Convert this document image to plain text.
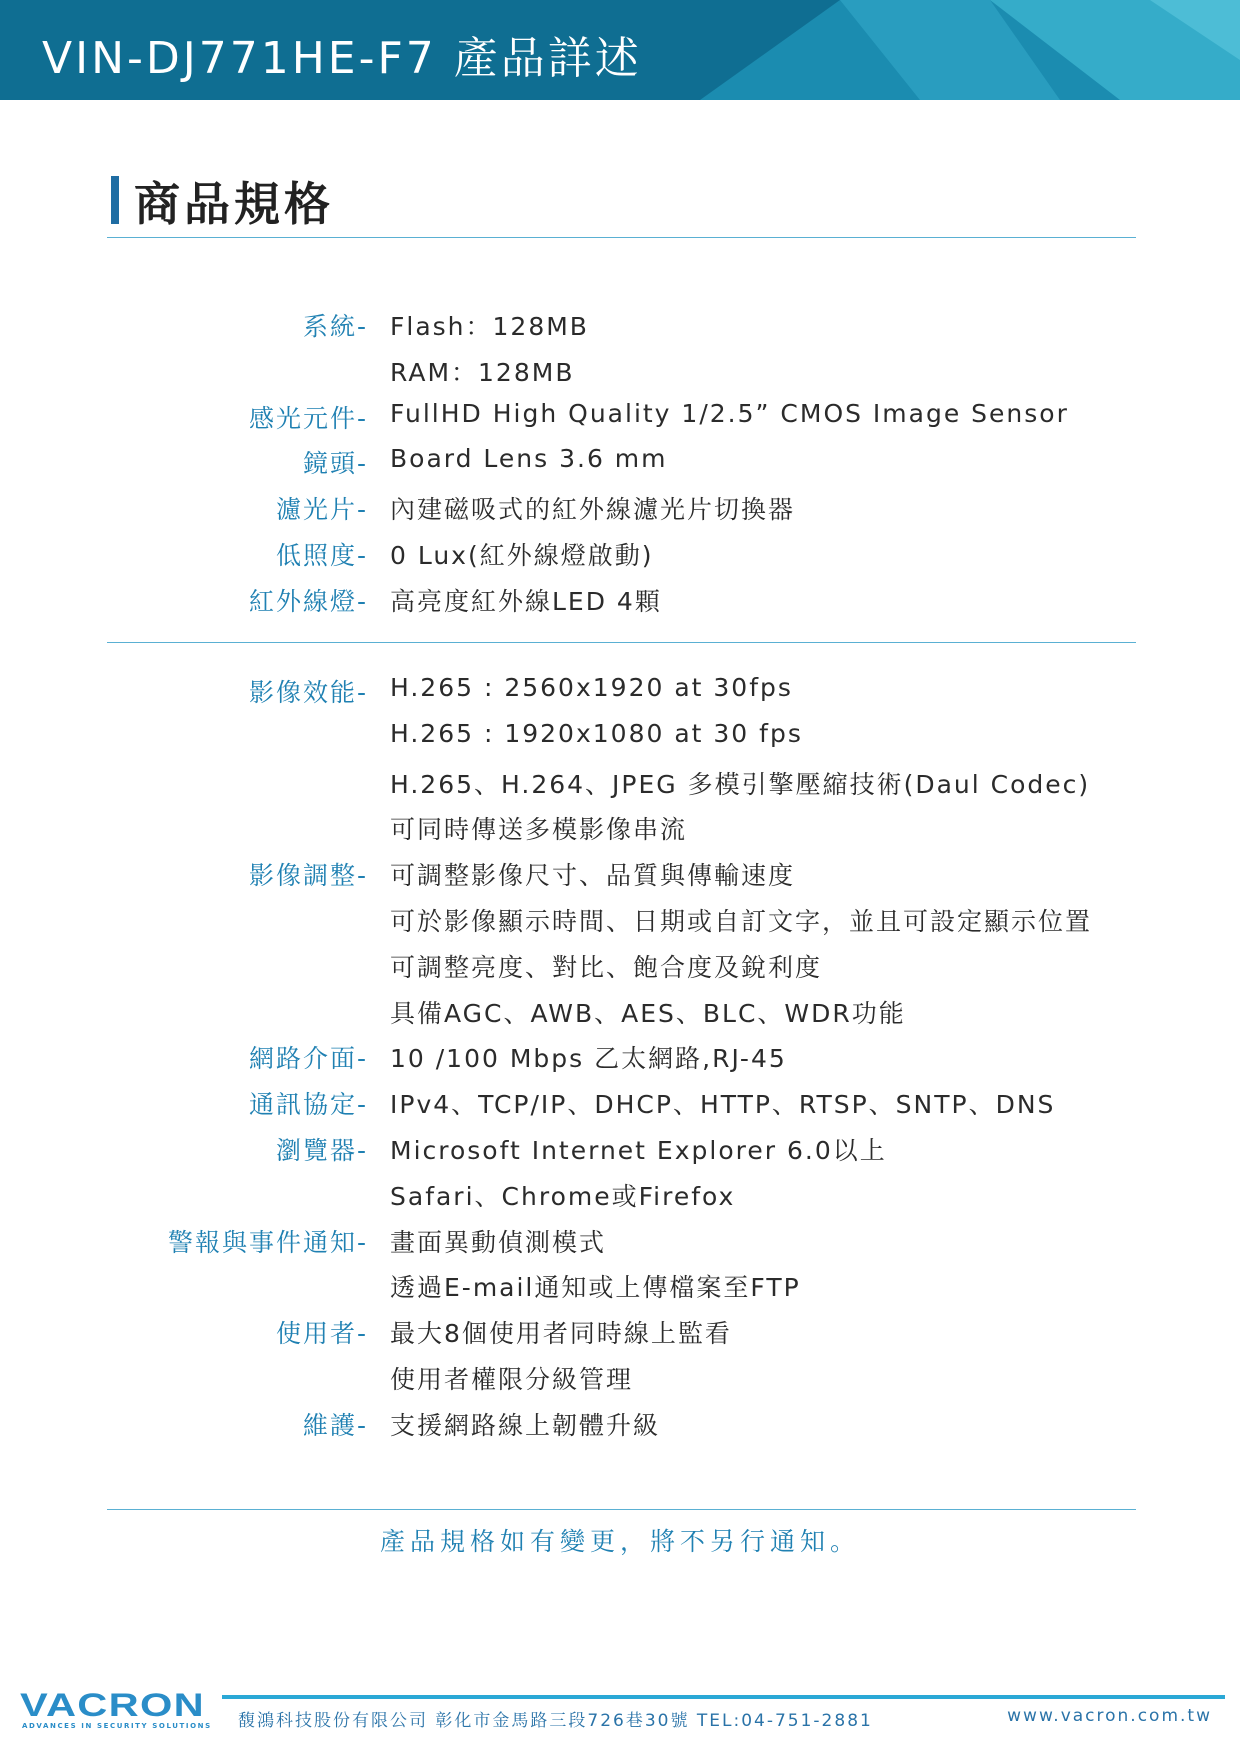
VIN-DJ771HE-F7 產品詳述
商品規格
系統- Flash：128MB
RAM：128MB
感光元件- FullHD High Quality 1/2.5” CMOS Image Sensor
鏡頭- Board Lens 3.6 mm
濾光片- 內建磁吸式的紅外線濾光片切換器
低照度- 0 Lux(紅外線燈啟動)
紅外線燈- 高亮度紅外線LED 4顆
影像效能- H.265 : 2560x1920 at 30fps
H.265 : 1920x1080 at 30 fps
H.265、H.264、JPEG 多模引擎壓縮技術(Daul Codec)
可同時傳送多模影像串流
影像調整- 可調整影像尺寸、品質與傳輸速度
可於影像顯示時間、日期或自訂文字，並且可設定顯示位置
可調整亮度、對比、飽合度及銳利度
具備AGC、AWB、AES、BLC、WDR功能
網路介面- 10 /100 Mbps 乙太網路,RJ-45
通訊協定- IPv4、TCP/IP、DHCP、HTTP、RTSP、SNTP、DNS
瀏覽器- Microsoft Internet Explorer 6.0以上
Safari、Chrome或Firefox
警報與事件通知- 畫面異動偵測模式
透過E-mail通知或上傳檔案至FTP
使用者- 最大8個使用者同時線上監看
使用者權限分級管理
維護- 支援網路線上韌體升級
產品規格如有變更，將不另行通知。
VACRON
ADVANCES IN SECURITY SOLUTIONS 馥鴻科技股份有限公司 彰化市金馬路三段726巷30號 TEL:04-751-2881	www.vacron.com.tw
